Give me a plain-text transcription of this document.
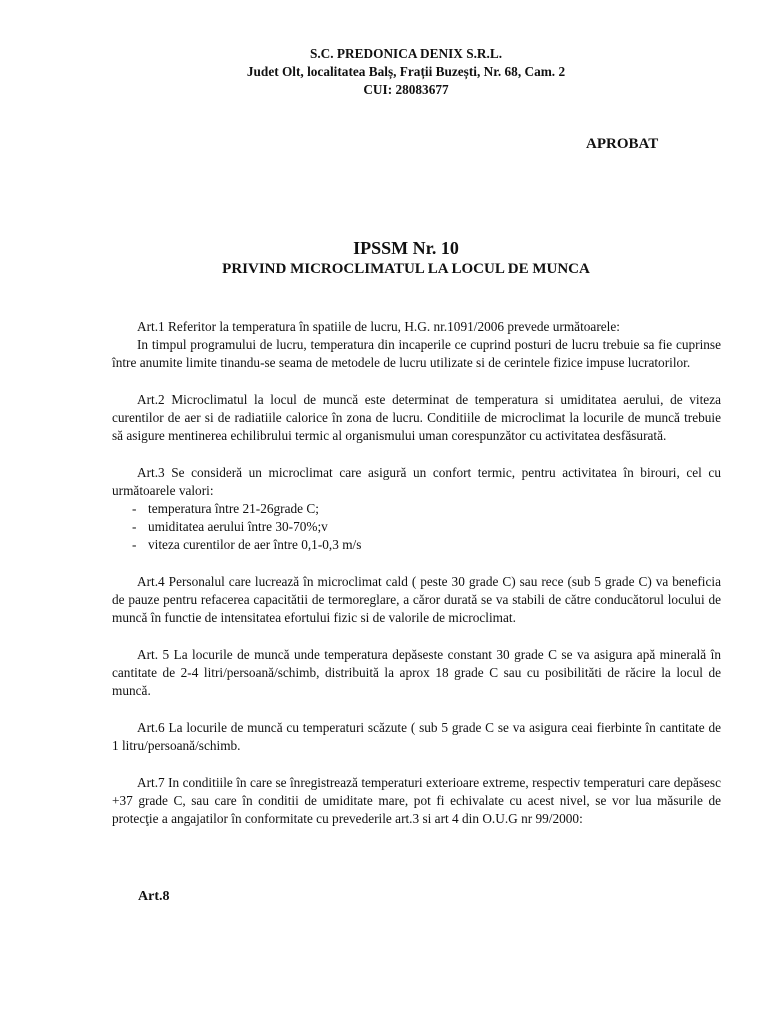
S.C. PREDONICA DENIX S.R.L.
Judet Olt, localitatea Balș, Frații Buzești, Nr. 68, Cam. 2
CUI: 28083677
APROBAT
IPSSM Nr. 10
PRIVIND MICROCLIMATUL LA LOCUL DE MUNCA

Art.1 Referitor la temperatura în spatiile de lucru, H.G. nr.1091/2006 prevede următoarele:

In timpul programului de lucru, temperatura din incaperile ce cuprind posturi de lucru trebuie sa fie cuprinse între anumite limite tinandu-se seama de metodele de lucru utilizate si de cerintele fizice impuse lucratorilor.

Art.2 Microclimatul la locul de muncă este determinat de temperatura si umiditatea aerului, de viteza curentilor de aer si de radiatiile calorice în zona de lucru. Conditiile de microclimat la locurile de muncă trebuie să asigure mentinerea echilibrului termic al organismului uman corespunzător cu activitatea desfăsurată.

Art.3 Se consideră un microclimat care asigură un confort termic, pentru activitatea în birouri, cel cu următoarele valori:

- temperatura între 21-26grade C;
- umiditatea aerului între 30-70%;v
- viteza curentilor de aer între 0,1-0,3 m/s

Art.4 Personalul care lucrează în microclimat cald ( peste 30 grade C) sau rece (sub 5 grade C) va beneficia de pauze pentru refacerea capacitătii de termoreglare, a căror durată se va stabili de către conducătorul locului de muncă în functie de intensitatea efortului fizic si de valorile de microclimat.

Art. 5 La locurile de muncă unde temperatura depăseste constant 30 grade C se va asigura apă minerală în cantitate de 2-4 litri/persoană/schimb, distribuită la aprox 18 grade C sau cu posibilităti de răcire la locul de muncă.

Art.6 La locurile de muncă cu temperaturi scăzute ( sub 5 grade C se va asigura ceai fierbinte în cantitate de 1 litru/persoană/schimb.

Art.7 In conditiile în care se înregistrează temperaturi exterioare extreme, respectiv temperaturi care depăsesc +37 grade C, sau care în conditii de umiditate mare, pot fi echivalate cu acest nivel, se vor lua măsurile de protecţie a angajatilor în conformitate cu prevederile art.3 si art 4 din O.U.G nr 99/2000:

Art.8
